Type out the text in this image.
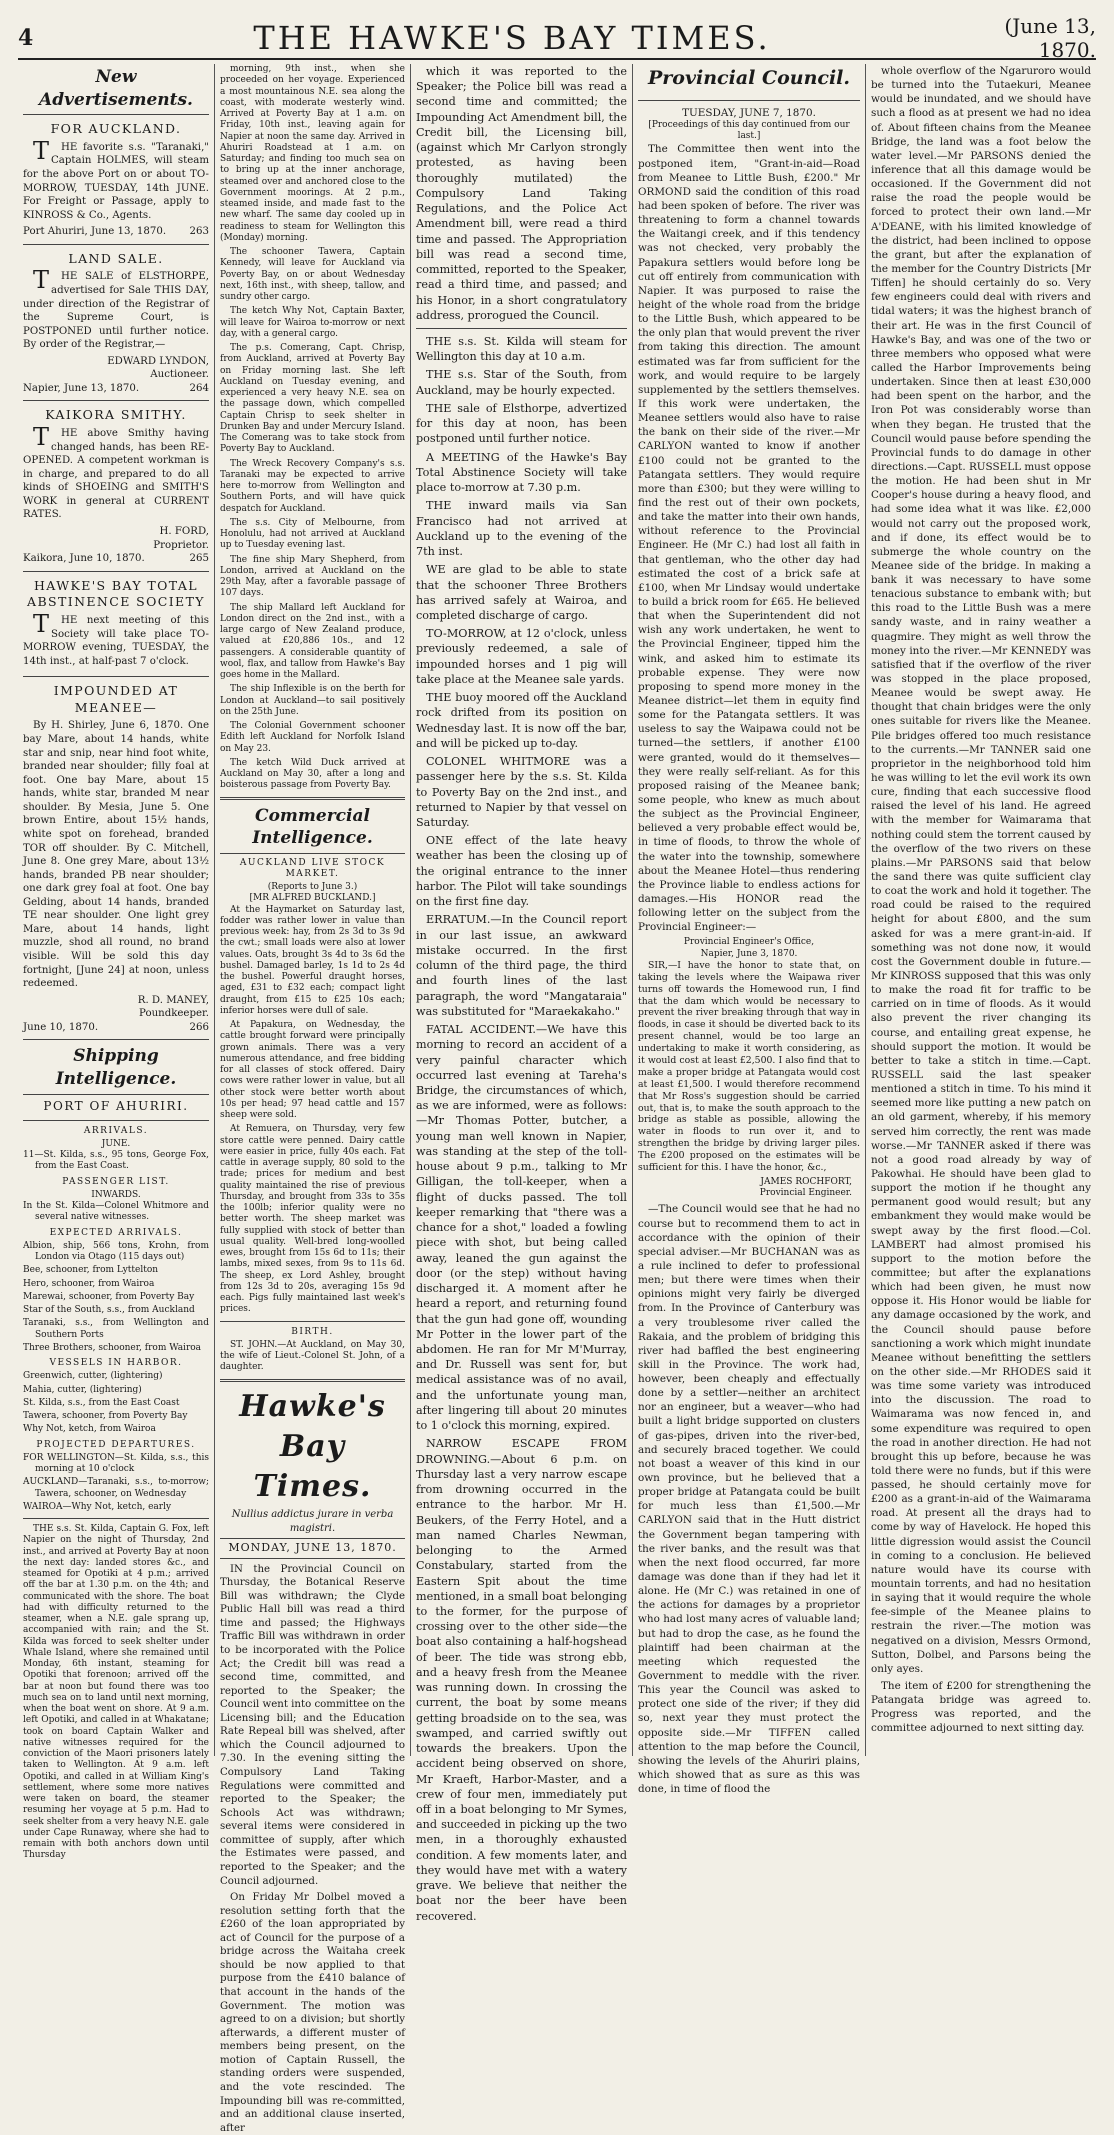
4	THE HAWKE'S BAY TIMES.	(June 13, 1870.
New Advertisements.
FOR AUCKLAND.

T HE favorite s.s. "Taranaki," Captain HOLMES, will steam for the above Port on or about TO-MORROW, TUESDAY, 14th JUNE. For Freight or Passage, apply to KINROSS & Co., Agents.

Port Ahuriri, June 13, 1870. 263
LAND SALE.

T HE SALE of ELSTHORPE, advertised for Sale THIS DAY, under direction of the Registrar of the Supreme Court, is POSTPONED until further notice. By order of the Registrar,—

EDWARD LYNDON,

Auctioneer.

Napier, June 13, 1870.	264
KAIKORA SMITHY.

T HE above Smithy having changed hands, has been RE-OPENED. A competent workman is in charge, and prepared to do all kinds of SHOEING and SMITH'S WORK in general at CURRENT RATES.

H. FORD,

Proprietor.

Kaikora, June 10, 1870.	265
HAWKE'S BAY TOTAL ABSTINENCE SOCIETY

T HE next meeting of this Society will take place TO-MORROW evening, TUESDAY, the 14th inst., at half-past 7 o'clock.

IMPOUNDED AT MEANEE—

By H. Shirley, June 6, 1870. One bay Mare, about 14 hands, white star and snip, near hind foot white, branded near shoulder; filly foal at foot. One bay Mare, about 15 hands, white star, branded M near shoulder. By Mesia, June 5. One brown Entire, about 15½ hands, white spot on forehead, branded TOR off shoulder. By C. Mitchell, June 8. One grey Mare, about 13½ hands, branded PB near shoulder; one dark grey foal at foot. One bay Gelding, about 14 hands, branded TE near shoulder. One light grey Mare, about 14 hands, light muzzle, shod all round, no brand visible. Will be sold this day fortnight, [June 24] at noon, unless redeemed.

R. D. MANEY,

Poundkeeper.

June 10, 1870.	266
Shipping Intelligence.
PORT OF AHURIRI.
ARRIVALS.
JUNE.
11—St. Kilda, s.s., 95 tons, George Fox, from the East Coast.
PASSENGER LIST.
INWARDS.
In the St. Kilda—Colonel Whitmore and several native witnesses.
EXPECTED ARRIVALS.
Albion, ship, 566 tons, Krohn, from London via Otago (115 days out)
Bee, schooner, from Lyttelton
Hero, schooner, from Wairoa
Marewai, schooner, from Poverty Bay
Star of the South, s.s., from Auckland
Taranaki, s.s., from Wellington and Southern Ports
Three Brothers, schooner, from Wairoa
VESSELS IN HARBOR.
Greenwich, cutter, (lightering)
Mahia, cutter, (lightering)
St. Kilda, s.s., from the East Coast
Tawera, schooner, from Poverty Bay
Why Not, ketch, from Wairoa
PROJECTED DEPARTURES.
FOR WELLINGTON—St. Kilda, s.s., this morning at 10 o'clock
AUCKLAND—Taranaki, s.s., to-morrow; Tawera, schooner, on Wednesday
WAIROA—Why Not, ketch, early

THE s.s. St. Kilda, Captain G. Fox, left Napier on the night of Thursday, 2nd inst., and arrived at Poverty Bay at noon the next day: landed stores &c., and steamed for Opotiki at 4 p.m.; arrived off the bar at 1.30 p.m. on the 4th; and communicated with the shore. The boat had with difficulty returned to the steamer, when a N.E. gale sprang up, accompanied with rain; and the St. Kilda was forced to seek shelter under Whale Island, where she remained until Monday, 6th instant, steaming for Opotiki that forenoon; arrived off the bar at noon but found there was too much sea on to land until next morning, when the boat went on shore. At 9 a.m. left Opotiki, and called in at Whakatane; took on board Captain Walker and native witnesses required for the conviction of the Maori prisoners lately taken to Wellington. At 9 a.m. left Opotiki, and called in at William King's settlement, where some more natives were taken on board, the steamer resuming her voyage at 5 p.m. Had to seek shelter from a very heavy N.E. gale under Cape Runaway, where she had to remain with both anchors down until Thursday

morning, 9th inst., when she proceeded on her voyage. Experienced a most mountainous N.E. sea along the coast, with moderate westerly wind. Arrived at Poverty Bay at 1 a.m. on Friday, 10th inst., leaving again for Napier at noon the same day. Arrived in Ahuriri Roadstead at 1 a.m. on Saturday; and finding too much sea on to bring up at the inner anchorage, steamed over and anchored close to the Government moorings. At 2 p.m., steamed inside, and made fast to the new wharf. The same day cooled up in readiness to steam for Wellington this (Monday) morning.

The schooner Tawera, Captain Kennedy, will leave for Auckland via Poverty Bay, on or about Wednesday next, 16th inst., with sheep, tallow, and sundry other cargo.

The ketch Why Not, Captain Baxter, will leave for Wairoa to-morrow or next day, with a general cargo.

The p.s. Comerang, Capt. Chrisp, from Auckland, arrived at Poverty Bay on Friday morning last. She left Auckland on Tuesday evening, and experienced a very heavy N.E. sea on the passage down, which compelled Captain Chrisp to seek shelter in Drunken Bay and under Mercury Island. The Comerang was to take stock from Poverty Bay to Auckland.

The Wreck Recovery Company's s.s. Taranaki may be expected to arrive here to-morrow from Wellington and Southern Ports, and will have quick despatch for Auckland.

The s.s. City of Melbourne, from Honolulu, had not arrived at Auckland up to Tuesday evening last.

The fine ship Mary Shepherd, from London, arrived at Auckland on the 29th May, after a favorable passage of 107 days.

The ship Mallard left Auckland for London direct on the 2nd inst., with a large cargo of New Zealand produce, valued at £20,886 10s., and 12 passengers. A considerable quantity of wool, flax, and tallow from Hawke's Bay goes home in the Mallard.

The ship Inflexible is on the berth for London at Auckland—to sail positively on the 25th June.

The Colonial Government schooner Edith left Auckland for Norfolk Island on May 23.

The ketch Wild Duck arrived at Auckland on May 30, after a long and boisterous passage from Poverty Bay.

Commercial Intelligence.
AUCKLAND LIVE STOCK MARKET.
(Reports to June 3.)
[MR ALFRED BUCKLAND.]

At the Haymarket on Saturday last, fodder was rather lower in value than previous week: hay, from 2s 3d to 3s 9d the cwt.; small loads were also at lower values. Oats, brought 3s 4d to 3s 6d the bushel. Damaged barley, 1s 1d to 2s 4d the bushel. Powerful draught horses, aged, £31 to £32 each; compact light draught, from £15 to £25 10s each; inferior horses were dull of sale.

At Papakura, on Wednesday, the cattle brought forward were principally grown animals. There was a very numerous attendance, and free bidding for all classes of stock offered. Dairy cows were rather lower in value, but all other stock were better worth about 10s per head; 97 head cattle and 157 sheep were sold.

At Remuera, on Thursday, very few store cattle were penned. Dairy cattle were easier in price, fully 40s each. Fat cattle in average supply, 80 sold to the trade; prices for medium and best quality maintained the rise of previous Thursday, and brought from 33s to 35s the 100lb; inferior quality were no better worth. The sheep market was fully supplied with stock of better than usual quality. Well-bred long-woolled ewes, brought from 15s 6d to 11s; their lambs, mixed sexes, from 9s to 11s 6d. The sheep, ex Lord Ashley, brought from 12s 3d to 20s, averaging 15s 9d each. Pigs fully maintained last week's prices.

BIRTH.

ST. JOHN.—At Auckland, on May 30, the wife of Lieut.-Colonel St. John, of a daughter.

Hawke's Bay Times.
Nullius addictus jurare in verba magistri.
MONDAY, JUNE 13, 1870.

IN the Provincial Council on Thursday, the Botanical Reserve Bill was withdrawn; the Clyde Public Hall bill was read a third time and passed; the Highways Traffic Bill was withdrawn in order to be incorporated with the Police Act; the Credit bill was read a second time, committed, and reported to the Speaker; the Council went into committee on the Licensing bill; and the Education Rate Repeal bill was shelved, after which the Council adjourned to 7.30. In the evening sitting the Compulsory Land Taking Regulations were committed and reported to the Speaker; the Schools Act was withdrawn; several items were considered in committee of supply, after which the Estimates were passed, and reported to the Speaker; and the Council adjourned.

On Friday Mr Dolbel moved a resolution setting forth that the £260 of the loan appropriated by act of Council for the purpose of a bridge across the Waitaha creek should be now applied to that purpose from the £410 balance of that account in the hands of the Government. The motion was agreed to on a division; but shortly afterwards, a different muster of members being present, on the motion of Captain Russell, the standing orders were suspended, and the vote rescinded. The Impounding bill was re-committed, and an additional clause inserted, after

which it was reported to the Speaker; the Police bill was read a second time and committed; the Impounding Act Amendment bill, the Credit bill, the Licensing bill, (against which Mr Carlyon strongly protested, as having been thoroughly mutilated) the Compulsory Land Taking Regulations, and the Police Act Amendment bill, were read a third time and passed. The Appropriation bill was read a second time, committed, reported to the Speaker, read a third time, and passed; and his Honor, in a short congratulatory address, prorogued the Council.

THE s.s. St. Kilda will steam for Wellington this day at 10 a.m.

THE s.s. Star of the South, from Auckland, may be hourly expected.

THE sale of Elsthorpe, advertized for this day at noon, has been postponed until further notice.

A MEETING of the Hawke's Bay Total Abstinence Society will take place to-morrow at 7.30 p.m.

THE inward mails via San Francisco had not arrived at Auckland up to the evening of the 7th inst.

WE are glad to be able to state that the schooner Three Brothers has arrived safely at Wairoa, and completed discharge of cargo.

TO-MORROW, at 12 o'clock, unless previously redeemed, a sale of impounded horses and 1 pig will take place at the Meanee sale yards.

THE buoy moored off the Auckland rock drifted from its position on Wednesday last. It is now off the bar, and will be picked up to-day.

COLONEL WHITMORE was a passenger here by the s.s. St. Kilda to Poverty Bay on the 2nd inst., and returned to Napier by that vessel on Saturday.

ONE effect of the late heavy weather has been the closing up of the original entrance to the inner harbor. The Pilot will take soundings on the first fine day.

ERRATUM.—In the Council report in our last issue, an awkward mistake occurred. In the first column of the third page, the third and fourth lines of the last paragraph, the word "Mangataraia" was substituted for "Maraekakaho."

FATAL ACCIDENT.—We have this morning to record an accident of a very painful character which occurred last evening at Tareha's Bridge, the circumstances of which, as we are informed, were as follows:—Mr Thomas Potter, butcher, a young man well known in Napier, was standing at the step of the toll-house about 9 p.m., talking to Mr Gilligan, the toll-keeper, when a flight of ducks passed. The toll keeper remarking that "there was a chance for a shot," loaded a fowling piece with shot, but being called away, leaned the gun against the door (or the step) without having discharged it. A moment after he heard a report, and returning found that the gun had gone off, wounding Mr Potter in the lower part of the abdomen. He ran for Mr M'Murray, and Dr. Russell was sent for, but medical assistance was of no avail, and the unfortunate young man, after lingering till about 20 minutes to 1 o'clock this morning, expired.

NARROW ESCAPE FROM DROWNING.—About 6 p.m. on Thursday last a very narrow escape from drowning occurred in the entrance to the harbor. Mr H. Beukers, of the Ferry Hotel, and a man named Charles Newman, belonging to the Armed Constabulary, started from the Eastern Spit about the time mentioned, in a small boat belonging to the former, for the purpose of crossing over to the other side—the boat also containing a half-hogshead of beer. The tide was strong ebb, and a heavy fresh from the Meanee was running down. In crossing the current, the boat by some means getting broadside on to the sea, was swamped, and carried swiftly out towards the breakers. Upon the accident being observed on shore, Mr Kraeft, Harbor-Master, and a crew of four men, immediately put off in a boat belonging to Mr Symes, and succeeded in picking up the two men, in a thoroughly exhausted condition. A few moments later, and they would have met with a watery grave. We believe that neither the boat nor the beer have been recovered.

Provincial Council.
TUESDAY, JUNE 7, 1870.
[Proceedings of this day continued from our last.]

The Committee then went into the postponed item, "Grant-in-aid—Road from Meanee to Little Bush, £200." Mr ORMOND said the condition of this road had been spoken of before. The river was threatening to form a channel towards the Waitangi creek, and if this tendency was not checked, very probably the Papakura settlers would before long be cut off entirely from communication with Napier. It was purposed to raise the height of the whole road from the bridge to the Little Bush, which appeared to be the only plan that would prevent the river from taking this direction. The amount estimated was far from sufficient for the work, and would require to be largely supplemented by the settlers themselves. If this work were undertaken, the Meanee settlers would also have to raise the bank on their side of the river.—Mr CARLYON wanted to know if another £100 could not be granted to the Patangata settlers. They would require more than £300; but they were willing to find the rest out of their own pockets, and take the matter into their own hands, without reference to the Provincial Engineer. He (Mr C.) had lost all faith in that gentleman, who the other day had estimated the cost of a brick safe at £100, when Mr Lindsay would undertake to build a brick room for £65. He believed that when the Superintendent did not wish any work undertaken, he went to the Provincial Engineer, tipped him the wink, and asked him to estimate its probable expense. They were now proposing to spend more money in the Meanee district—let them in equity find some for the Patangata settlers. It was useless to say the Waipawa could not be turned—the settlers, if another £100 were granted, would do it themselves—they were really self-reliant. As for this proposed raising of the Meanee bank; some people, who knew as much about the subject as the Provincial Engineer, believed a very probable effect would be, in time of floods, to throw the whole of the water into the township, somewhere about the Meanee Hotel—thus rendering the Province liable to endless actions for damages.—His HONOR read the following letter on the subject from the Provincial Engineer:—

Provincial Engineer's Office,
Napier, June 3, 1870.

SIR,—I have the honor to state that, on taking the levels where the Waipawa river turns off towards the Homewood run, I find that the dam which would be necessary to prevent the river breaking through that way in floods, in case it should be diverted back to its present channel, would be too large an undertaking to make it worth considering, as it would cost at least £2,500. I also find that to make a proper bridge at Patangata would cost at least £1,500. I would therefore recommend that Mr Ross's suggestion should be carried out, that is, to make the south approach to the bridge as stable as possible, allowing the water in floods to run over it, and to strengthen the bridge by driving larger piles. The £200 proposed on the estimates will be sufficient for this. I have the honor, &c.,

JAMES ROCHFORT,

Provincial Engineer.

—The Council would see that he had no course but to recommend them to act in accordance with the opinion of their special adviser.—Mr BUCHANAN was as a rule inclined to defer to professional men; but there were times when their opinions might very fairly be diverged from. In the Province of Canterbury was a very troublesome river called the Rakaia, and the problem of bridging this river had baffled the best engineering skill in the Province. The work had, however, been cheaply and effectually done by a settler—neither an architect nor an engineer, but a weaver—who had built a light bridge supported on clusters of gas-pipes, driven into the river-bed, and securely braced together. We could not boast a weaver of this kind in our own province, but he believed that a proper bridge at Patangata could be built for much less than £1,500.—Mr CARLYON said that in the Hutt district the Government began tampering with the river banks, and the result was that when the next flood occurred, far more damage was done than if they had let it alone. He (Mr C.) was retained in one of the actions for damages by a proprietor who had lost many acres of valuable land; but had to drop the case, as he found the plaintiff had been chairman at the meeting which requested the Government to meddle with the river. This year the Council was asked to protect one side of the river; if they did so, next year they must protect the opposite side.—Mr TIFFEN called attention to the map before the Council, showing the levels of the Ahuriri plains, which showed that as sure as this was done, in time of flood the

whole overflow of the Ngaruroro would be turned into the Tutaekuri, Meanee would be inundated, and we should have such a flood as at present we had no idea of. About fifteen chains from the Meanee Bridge, the land was a foot below the water level.—Mr PARSONS denied the inference that all this damage would be occasioned. If the Government did not raise the road the people would be forced to protect their own land.—Mr A'DEANE, with his limited knowledge of the district, had been inclined to oppose the grant, but after the explanation of the member for the Country Districts [Mr Tiffen] he should certainly do so. Very few engineers could deal with rivers and tidal waters; it was the highest branch of their art. He was in the first Council of Hawke's Bay, and was one of the two or three members who opposed what were called the Harbor Improvements being undertaken. Since then at least £30,000 had been spent on the harbor, and the Iron Pot was considerably worse than when they began. He trusted that the Council would pause before spending the Provincial funds to do damage in other directions.—Capt. RUSSELL must oppose the motion. He had been shut in Mr Cooper's house during a heavy flood, and had some idea what it was like. £2,000 would not carry out the proposed work, and if done, its effect would be to submerge the whole country on the Meanee side of the bridge. In making a bank it was necessary to have some tenacious substance to embank with; but this road to the Little Bush was a mere sandy waste, and in rainy weather a quagmire. They might as well throw the money into the river.—Mr KENNEDY was satisfied that if the overflow of the river was stopped in the place proposed, Meanee would be swept away. He thought that chain bridges were the only ones suitable for rivers like the Meanee. Pile bridges offered too much resistance to the currents.—Mr TANNER said one proprietor in the neighborhood told him he was willing to let the evil work its own cure, finding that each successive flood raised the level of his land. He agreed with the member for Waimarama that nothing could stem the torrent caused by the overflow of the two rivers on these plains.—Mr PARSONS said that below the sand there was quite sufficient clay to coat the work and hold it together. The road could be raised to the required height for about £800, and the sum asked for was a mere grant-in-aid. If something was not done now, it would cost the Government double in future.—Mr KINROSS supposed that this was only to make the road fit for traffic to be carried on in time of floods. As it would also prevent the river changing its course, and entailing great expense, he should support the motion. It would be better to take a stitch in time.—Capt. RUSSELL said the last speaker mentioned a stitch in time. To his mind it seemed more like putting a new patch on an old garment, whereby, if his memory served him correctly, the rent was made worse.—Mr TANNER asked if there was not a good road already by way of Pakowhai. He should have been glad to support the motion if he thought any permanent good would result; but any embankment they would make would be swept away by the first flood.—Col. LAMBERT had almost promised his support to the motion before the committee; but after the explanations which had been given, he must now oppose it. His Honor would be liable for any damage occasioned by the work, and the Council should pause before sanctioning a work which might inundate Meanee without benefitting the settlers on the other side.—Mr RHODES said it was time some variety was introduced into the discussion. The road to Waimarama was now fenced in, and some expenditure was required to open the road in another direction. He had not brought this up before, because he was told there were no funds, but if this were passed, he should certainly move for £200 as a grant-in-aid of the Waimarama road. At present all the drays had to come by way of Havelock. He hoped this little digression would assist the Council in coming to a conclusion. He believed nature would have its course with mountain torrents, and had no hesitation in saying that it would require the whole fee-simple of the Meanee plains to restrain the river.—The motion was negatived on a division, Messrs Ormond, Sutton, Dolbel, and Parsons being the only ayes.

The item of £200 for strengthening the Patangata bridge was agreed to. Progress was reported, and the committee adjourned to next sitting day.
